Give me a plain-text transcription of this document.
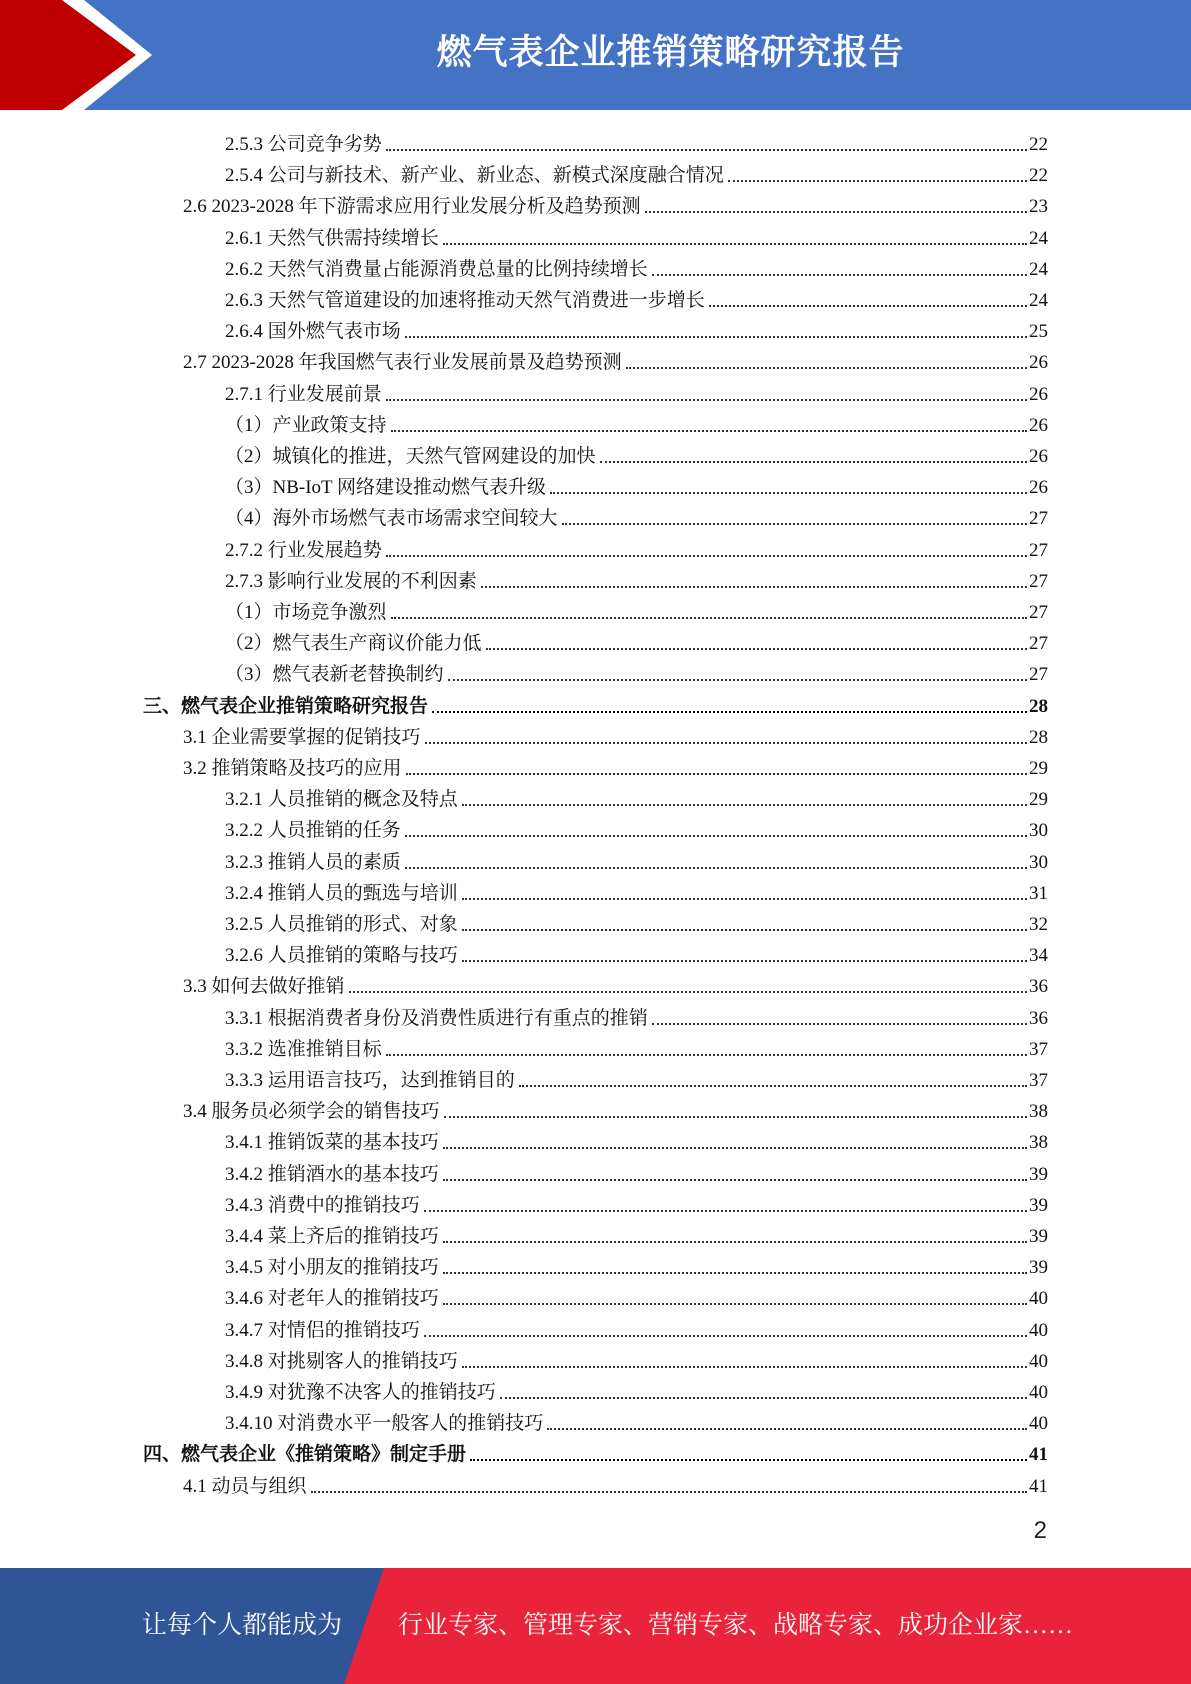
燃气表企业推销策略研究报告
2.5.3 公司竞争劣势	22
2.5.4 公司与新技术、新产业、新业态、新模式深度融合情况	22
2.6 2023-2028 年下游需求应用行业发展分析及趋势预测	23
2.6.1 天然气供需持续增长	24
2.6.2 天然气消费量占能源消费总量的比例持续增长	24
2.6.3 天然气管道建设的加速将推动天然气消费进一步增长	24
2.6.4 国外燃气表市场	25
2.7 2023-2028 年我国燃气表行业发展前景及趋势预测	26
2.7.1 行业发展前景	26
（1）产业政策支持	26
（2）城镇化的推进，天然气管网建设的加快	26
（3）NB-IoT 网络建设推动燃气表升级	26
（4）海外市场燃气表市场需求空间较大	27
2.7.2 行业发展趋势	27
2.7.3 影响行业发展的不利因素	27
（1）市场竞争激烈	27
（2）燃气表生产商议价能力低	27
（3）燃气表新老替换制约	27
三、燃气表企业推销策略研究报告	28
3.1 企业需要掌握的促销技巧	28
3.2 推销策略及技巧的应用	29
3.2.1 人员推销的概念及特点	29
3.2.2 人员推销的任务	30
3.2.3 推销人员的素质	30
3.2.4 推销人员的甄选与培训	31
3.2.5 人员推销的形式、对象	32
3.2.6 人员推销的策略与技巧	34
3.3 如何去做好推销	36
3.3.1 根据消费者身份及消费性质进行有重点的推销	36
3.3.2 选准推销目标	37
3.3.3 运用语言技巧，达到推销目的	37
3.4 服务员必须学会的销售技巧	38
3.4.1 推销饭菜的基本技巧	38
3.4.2 推销酒水的基本技巧	39
3.4.3 消费中的推销技巧	39
3.4.4 菜上齐后的推销技巧	39
3.4.5 对小朋友的推销技巧	39
3.4.6 对老年人的推销技巧	40
3.4.7 对情侣的推销技巧	40
3.4.8 对挑剔客人的推销技巧	40
3.4.9 对犹豫不决客人的推销技巧	40
3.4.10 对消费水平一般客人的推销技巧	40
四、燃气表企业《推销策略》制定手册	41
4.1 动员与组织	41
2
让每个人都能成为 行业专家、管理专家、营销专家、战略专家、成功企业家……
